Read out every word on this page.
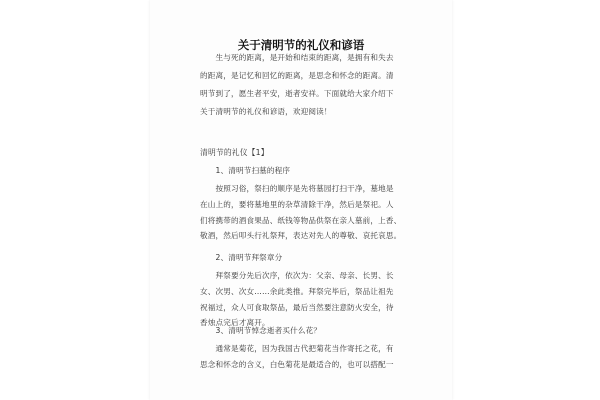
关于清明节的礼仪和谚语
　　生与死的距离，是开始和结束的距离，是拥有和失去
的距离，是记忆和回忆的距离，是思念和怀念的距离。清
明节到了，愿生者平安，逝者安祥。下面就给大家介绍下
关于清明节的礼仪和谚语，欢迎阅读！
清明节的礼仪【1】
　　1、清明节扫墓的程序
　　按照习俗，祭扫的顺序是先将墓园打扫干净，墓地是
在山上的，要将墓地里的杂草清除干净，然后是祭祀。人
们将携带的酒食果品、纸钱等物品供祭在亲人墓前，上香、
敬酒，然后叩头行礼祭拜，表达对先人的尊敬、哀托哀思。
　　2、清明节拜祭章分
　　拜祭要分先后次序，依次为：父亲、母亲、长男、长
女、次男、次女……余此类推。拜祭完毕后，祭品让祖先
祝福过，众人可食取祭品，最后当然要注意防火安全，待
香烛点完后才离开。
　　3、清明节悼念逝者买什么花？
　　通常是菊花，因为我国古代把菊花当作寄托之花，有
思念和怀念的含义，白色菊花是最适合的，也可以搭配一
